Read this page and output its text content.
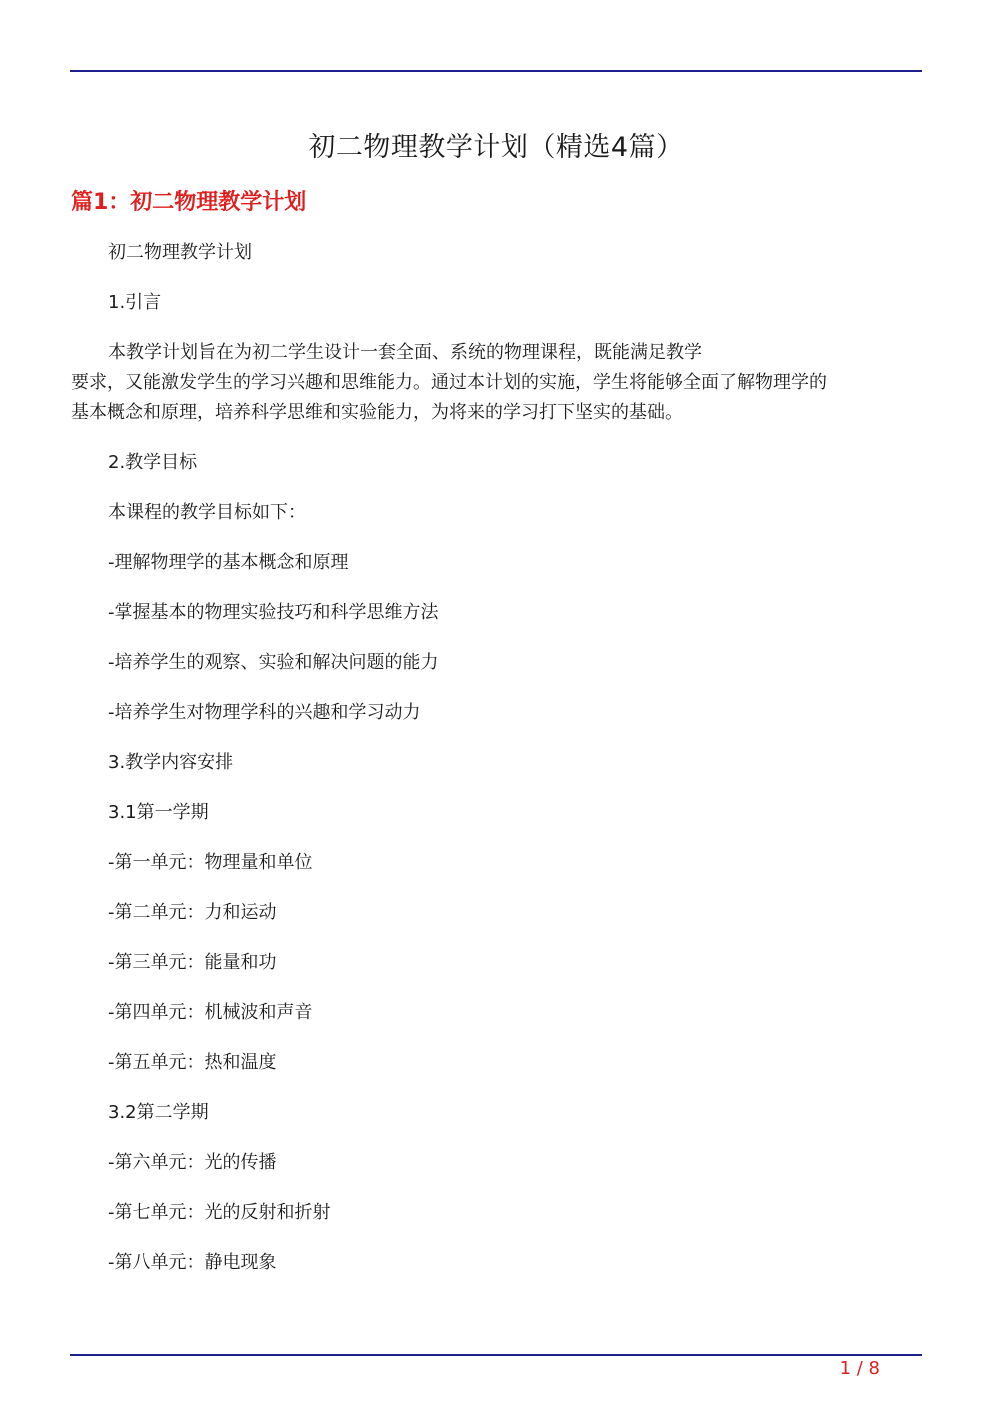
初二物理教学计划（精选4篇）
篇1：初二物理教学计划

初二物理教学计划

1.引言

本教学计划旨在为初二学生设计一套全面、系统的物理课程，既能满足教学
要求，又能激发学生的学习兴趣和思维能力。通过本计划的实施，学生将能够全面了解物理学的
基本概念和原理，培养科学思维和实验能力，为将来的学习打下坚实的基础。

2.教学目标

本课程的教学目标如下：

-理解物理学的基本概念和原理

-掌握基本的物理实验技巧和科学思维方法

-培养学生的观察、实验和解决问题的能力

-培养学生对物理学科的兴趣和学习动力

3.教学内容安排

3.1第一学期

-第一单元：物理量和单位

-第二单元：力和运动

-第三单元：能量和功

-第四单元：机械波和声音

-第五单元：热和温度

3.2第二学期

-第六单元：光的传播

-第七单元：光的反射和折射

-第八单元：静电现象

1 / 8
